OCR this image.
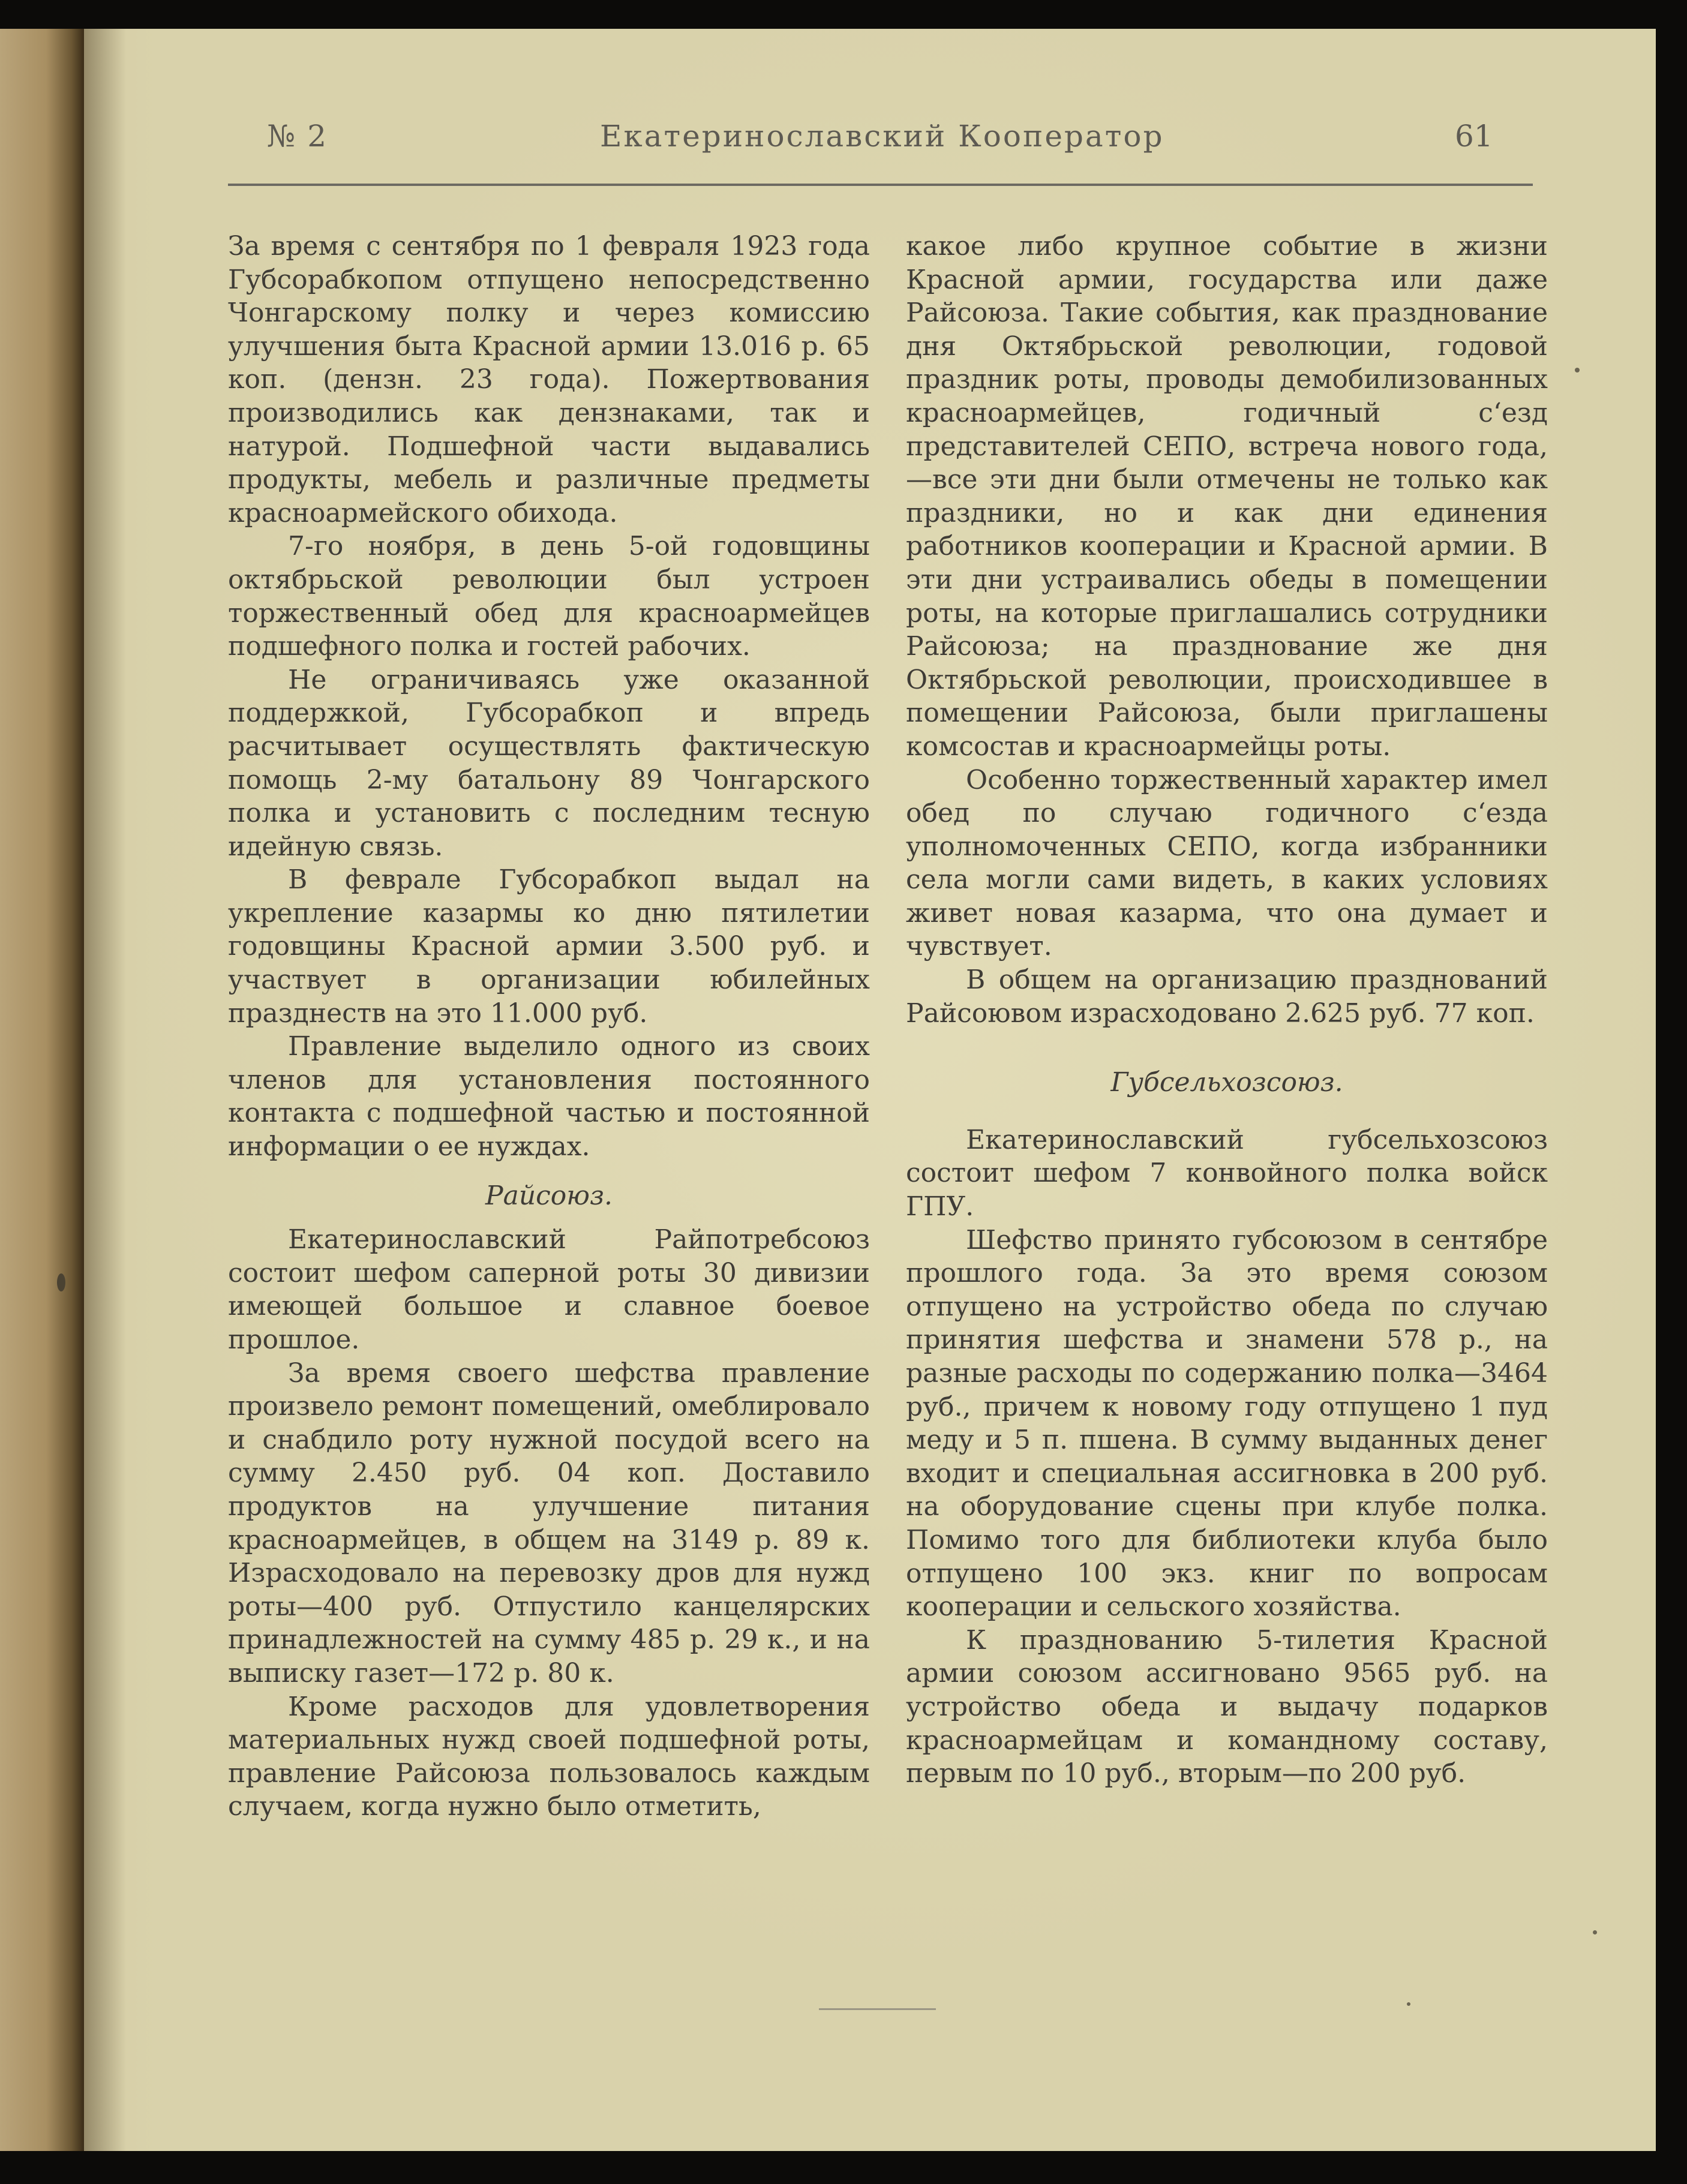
№ 2	Екатеринославский Кооператор	61

За время с сентября по 1 февраля 1923 года Губсорабкопом отпущено непосредственно Чонгарскому полку и через комиссию улучшения быта Красной армии 13.016 р. 65 коп. (дензн. 23 года). Пожертвования производились как дензнаками, так и натурой. Подшефной части выдавались продукты, мебель и различные предметы красноармейского обихода.

7-го ноября, в день 5-ой годовщины октябрьской революции был устроен торжественный обед для красноармейцев подшефного полка и гостей рабочих.

Не ограничиваясь уже оказанной поддержкой, Губсорабкоп и впредь расчитывает осуществлять фактическую помощь 2-му батальону 89 Чонгарского полка и установить с последним тесную идейную связь.

В феврале Губсорабкоп выдал на укрепление казармы ко дню пятилетии годовщины Красной армии 3.500 руб. и участвует в организации юбилейных празднеств на это 11.000 руб.

Правление выделило одного из своих членов для установления постоянного контакта с подшефной частью и постоянной информации о ее нуждах.

Райсоюз.

Екатеринославский Райпотребсоюз состоит шефом саперной роты 30 дивизии имеющей большое и славное боевое прошлое.

За время своего шефства правление произвело ремонт помещений, омеблировало и снабдило роту нужной посудой всего на сумму 2.450 руб. 04 коп. Доставило продуктов на улучшение питания красноармейцев, в общем на 3149 р. 89 к. Израсходовало на перевозку дров для нужд роты—400 руб. Отпустило канцелярских принадлежностей на сумму 485 р. 29 к., и на выписку газет—172 р. 80 к.

Кроме расходов для удовлетворения материальных нужд своей подшефной роты, правление Райсоюза пользовалось каждым случаем, когда нужно было отметить,

какое либо крупное событие в жизни Красной армии, государства или даже Райсоюза. Такие события, как празднование дня Октябрьской революции, годовой праздник роты, проводы демобилизованных красноармейцев, годичный с‘езд представителей СЕПО, встреча нового года, —все эти дни были отмечены не только как праздники, но и как дни единения работников кооперации и Красной армии. В эти дни устраивались обеды в помещении роты, на которые приглашались сотрудники Райсоюза; на празднование же дня Октябрьской революции, происходившее в помещении Райсоюза, были приглашены комсостав и красноармейцы роты.

Особенно торжественный характер имел обед по случаю годичного с‘езда уполномоченных СЕПО, когда избранники села могли сами видеть, в каких условиях живет новая казарма, что она думает и чувствует.

В общем на организацию празднований Райсоювом израсходовано 2.625 руб. 77 коп.

Губсельхозсоюз.

Екатеринославский губсельхозсоюз состоит шефом 7 конвойного полка войск ГПУ.

Шефство принято губсоюзом в сентябре прошлого года. За это время союзом отпущено на устройство обеда по случаю принятия шефства и знамени 578 р., на разные расходы по содержанию полка—3464 руб., причем к новому году отпущено 1 пуд меду и 5 п. пшена. В сумму выданных денег входит и специальная ассигновка в 200 руб. на оборудование сцены при клубе полка. Помимо того для библиотеки клуба было отпущено 100 экз. книг по вопросам кооперации и сельского хозяйства.

К празднованию 5-тилетия Красной армии союзом ассигновано 9565 руб. на устройство обеда и выдачу подарков красноармейцам и командному составу, первым по 10 руб., вторым—по 200 руб.
